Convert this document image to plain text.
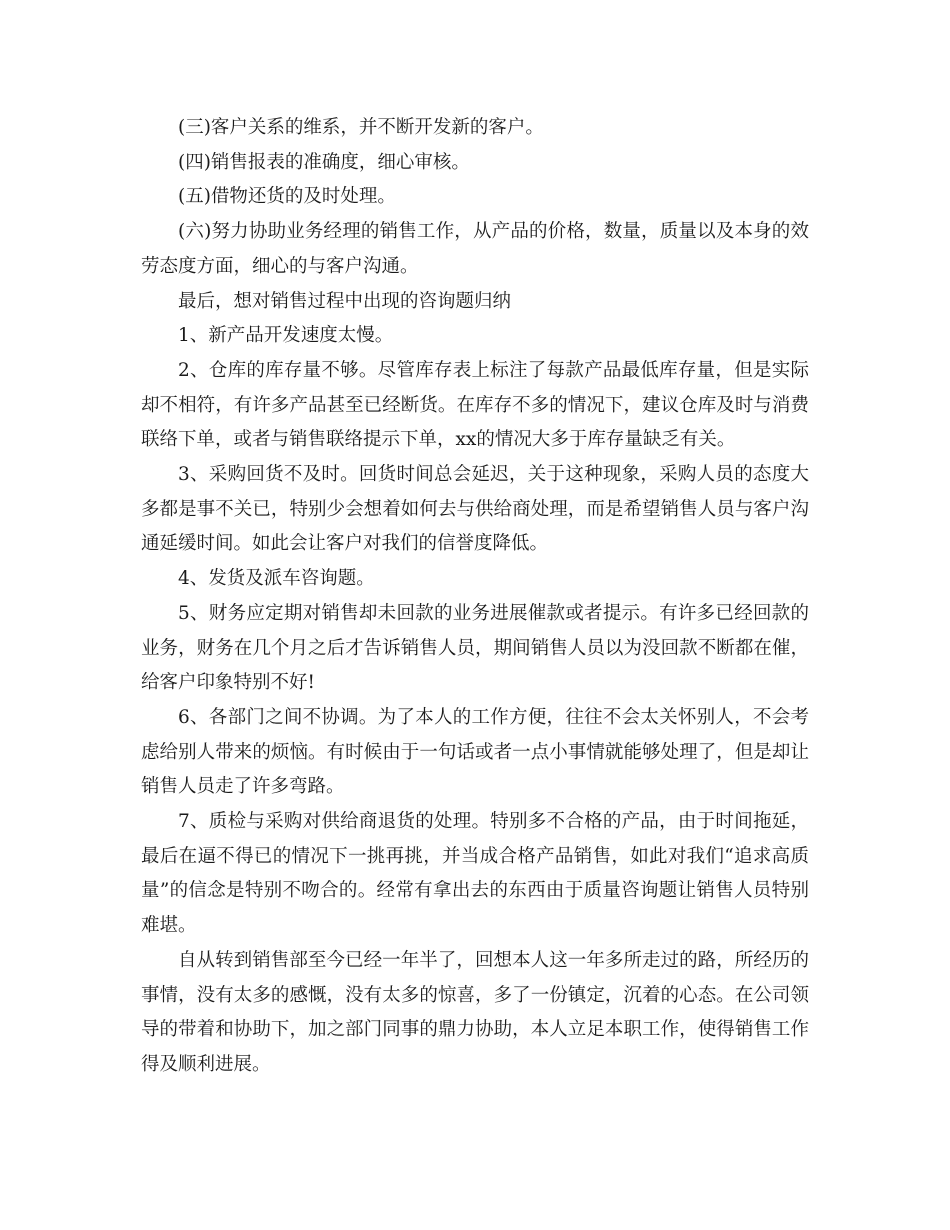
(三)客户关系的维系，并不断开发新的客户。

(四)销售报表的准确度，细心审核。

(五)借物还货的及时处理。

(六)努力协助业务经理的销售工作，从产品的价格，数量，质量以及本身的效劳态度方面，细心的与客户沟通。

最后，想对销售过程中出现的咨询题归纳

1、新产品开发速度太慢。

2、仓库的库存量不够。尽管库存表上标注了每款产品最低库存量，但是实际却不相符，有许多产品甚至已经断货。在库存不多的情况下，建议仓库及时与消费联络下单，或者与销售联络提示下单，xx的情况大多于库存量缺乏有关。

3、采购回货不及时。回货时间总会延迟，关于这种现象，采购人员的态度大多都是事不关已，特别少会想着如何去与供给商处理，而是希望销售人员与客户沟通延缓时间。如此会让客户对我们的信誉度降低。

4、发货及派车咨询题。

5、财务应定期对销售却未回款的业务进展催款或者提示。有许多已经回款的业务，财务在几个月之后才告诉销售人员，期间销售人员以为没回款不断都在催，给客户印象特别不好!

6、各部门之间不协调。为了本人的工作方便，往往不会太关怀别人，不会考虑给别人带来的烦恼。有时候由于一句话或者一点小事情就能够处理了，但是却让销售人员走了许多弯路。

7、质检与采购对供给商退货的处理。特别多不合格的产品，由于时间拖延，最后在逼不得已的情况下一挑再挑，并当成合格产品销售，如此对我们“追求高质量”的信念是特别不吻合的。经常有拿出去的东西由于质量咨询题让销售人员特别难堪。

自从转到销售部至今已经一年半了，回想本人这一年多所走过的路，所经历的事情，没有太多的感慨，没有太多的惊喜，多了一份镇定，沉着的心态。在公司领导的带着和协助下，加之部门同事的鼎力协助，本人立足本职工作，使得销售工作得及顺利进展。
